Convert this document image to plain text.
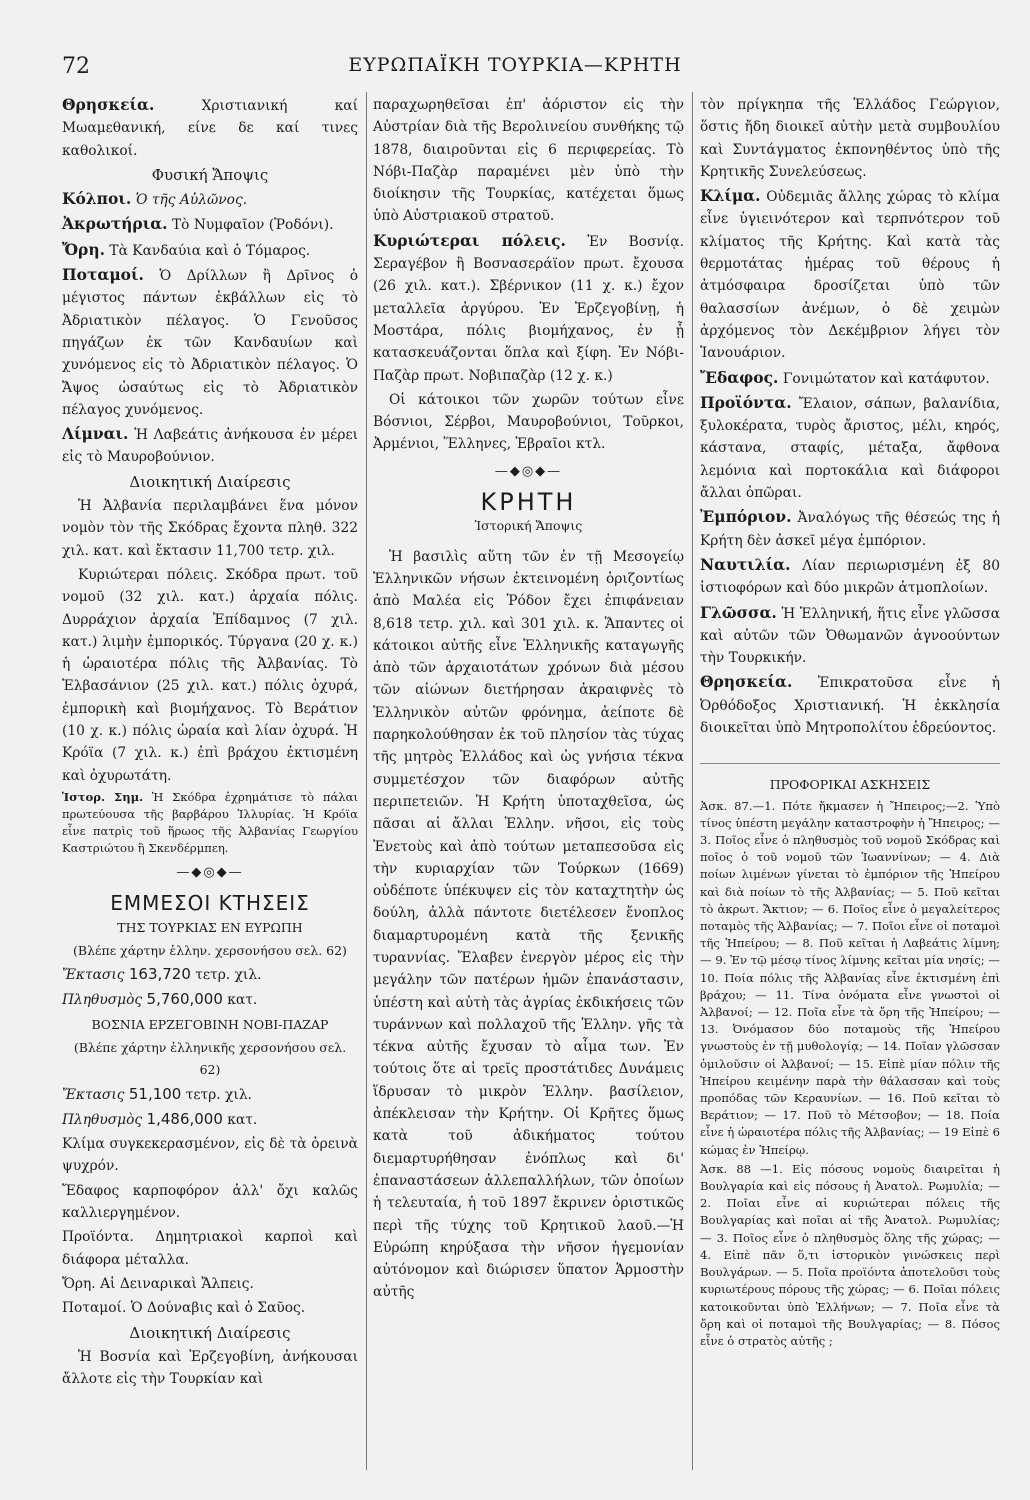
72	ΕΥΡΩΠΑΪΚΗ ΤΟΥΡΚΙΑ—ΚΡΗΤΗ

Θρησκεία.	Χριστιανική καί Μωαμεθανική, είνε δε καί τινες καθολικοί.

Φυσική Ἄποψις

Κόλποι. Ὁ τῆς Αὐλῶνος.

Ἀκρωτήρια. Τὸ Νυμφαῖον (Ῥοδόνι).

Ὄρη. Τὰ Κανδαύια καὶ ὁ Τόμαρος.

Ποταμοί. Ὁ Δρίλλων ἢ Δρῖνος ὁ μέγιστος πάντων ἐκβάλλων εἰς τὸ Ἀδριατικὸν πέλαγος. Ὁ Γενοῦσος πηγάζων ἐκ τῶν Κανδαυίων καὶ χυνόμενος εἰς τὸ Ἀδριατικὸν πέλαγος. Ὁ Ἄψος ὡσαύτως εἰς τὸ Ἀδριατικὸν πέλαγος χυνόμενος.

Λίμναι. Ἡ Λαβεάτις ἀνήκουσα ἐν μέρει εἰς τὸ Μαυροβούνιον.

Διοικητική Διαίρεσις

Ἡ Ἀλβανία περιλαμβάνει ἕνα μόνον νομὸν τὸν τῆς Σκόδρας ἔχοντα πληθ. 322 χιλ. κατ. καὶ ἔκτασιν 11,700 τετρ. χιλ.

Κυριώτεραι πόλεις. Σκόδρα πρωτ. τοῦ νομοῦ (32 χιλ. κατ.) ἀρχαία πόλις. Δυρράχιον ἀρχαία Ἐπίδαμνος (7 χιλ. κατ.) λιμὴν ἐμπορικός. Τύργανα (20 χ. κ.) ἡ ὡραιοτέρα πόλις τῆς Ἀλβανίας. Τὸ Ἐλβασάνιον (25 χιλ. κατ.) πόλις ὀχυρά, ἐμπορικὴ καὶ βιομήχανος. Τὸ Βεράτιον (10 χ. κ.) πόλις ὡραία καὶ λίαν ὀχυρά. Ἡ Κρόϊα (7 χιλ. κ.) ἐπὶ βράχου ἐκτισμένη καὶ ὀχυρωτάτη.

Ἱστορ. Σημ. Ἡ Σκόδρα ἐχρημάτισε τὸ πάλαι πρωτεύουσα τῆς βαρβάρου Ἰλλυρίας. Ἡ Κρόϊα εἶνε πατρὶς τοῦ ἥρωος τῆς Ἀλβανίας Γεωργίου Καστριώτου ἢ Σκενδέρμπεη.

—◆◎◆—
ΕΜΜΕΣΟΙ ΚΤΗΣΕΙΣ
ΤΗΣ ΤΟΥΡΚΙΑΣ ΕΝ ΕΥΡΩΠΗ
(Βλέπε χάρτην ἑλλην. χερσονήσου σελ. 62)

Ἔκτασις 163,720 τετρ. χιλ.

Πληθυσμὸς 5,760,000 κατ.

ΒΟΣΝΙΑ ΕΡΖΕΓΟΒΙΝΗ ΝΟΒΙ-ΠΑΖΑΡ
(Βλέπε χάρτην ἑλληνικῆς χερσονήσου σελ. 62)

Ἔκτασις 51,100 τετρ. χιλ.

Πληθυσμὸς 1,486,000 κατ.

Κλίμα συγκεκερασμένον, εἰς δὲ τὰ ὀρεινὰ ψυχρόν.

Ἔδαφος καρποφόρον ἀλλ' ὄχι καλῶς καλλιεργημένον.

Προϊόντα. Δημητριακοὶ καρποὶ καὶ διάφορα μέταλλα.

Ὄρη. Αἱ Δειναρικαὶ Ἄλπεις.

Ποταμοί. Ὁ Δούναβις καὶ ὁ Σαῦος.

Διοικητική Διαίρεσις

Ἡ Βοσνία καὶ Ἐρζεγοβίνη, ἀνήκουσαι ἄλλοτε εἰς τὴν Τουρκίαν καὶ

παραχωρηθεῖσαι ἐπ' ἀόριστον εἰς τὴν Αὐστρίαν διὰ τῆς Βερολινείου συνθήκης τῷ 1878, διαιροῦνται εἰς 6 περιφερείας. Τὸ Νόβι-Παζὰρ παραμένει μὲν ὑπὸ τὴν διοίκησιν τῆς Τουρκίας, κατέχεται ὅμως ὑπὸ Αὐστριακοῦ στρατοῦ.

Κυριώτεραι πόλεις. Ἐν Βοσνίᾳ. Σεραγέβον ἢ Βοσνασεράϊον πρωτ. ἔχουσα (26 χιλ. κατ.). Σβέρνικον (11 χ. κ.) ἔχον μεταλλεῖα ἀργύρου. Ἐν Ἐρζεγοβίνῃ, ἡ Μοστάρα, πόλις βιομήχανος, ἐν ᾗ κατασκευάζονται ὅπλα καὶ ξίφη. Ἐν Νόβι-Παζὰρ πρωτ. Νοβιπαζὰρ (12 χ. κ.)

Οἱ κάτοικοι τῶν χωρῶν τούτων εἶνε Βόσνιοι, Σέρβοι, Μαυροβούνιοι, Τοῦρκοι, Ἀρμένιοι, Ἕλληνες, Ἑβραῖοι κτλ.

—◆◎◆—
ΚΡΗΤΗ
Ἱστορική Ἄποψις

Ἡ βασιλὶς αὕτη τῶν ἐν τῇ Μεσογείῳ Ἑλληνικῶν νήσων ἐκτεινομένη ὁριζοντίως ἀπὸ Μαλέα εἰς Ῥόδον ἔχει ἐπιφάνειαν 8,618 τετρ. χιλ. καὶ 301 χιλ. κ. Ἅπαντες οἱ κάτοικοι αὐτῆς εἶνε Ἑλληνικῆς καταγωγῆς ἀπὸ τῶν ἀρχαιοτάτων χρόνων διὰ μέσου τῶν αἰώνων διετήρησαν ἀκραιφνὲς τὸ Ἑλληνικὸν αὐτῶν φρόνημα, ἀείποτε δὲ παρηκολούθησαν ἐκ τοῦ πλησίον τὰς τύχας τῆς μητρὸς Ἑλλάδος καὶ ὡς γνήσια τέκνα συμμετέσχον τῶν διαφόρων αὐτῆς περιπετειῶν. Ἡ Κρήτη ὑποταχθεῖσα, ὡς πᾶσαι αἱ ἄλλαι Ἑλλην. νῆσοι, εἰς τοὺς Ἐνετοὺς καὶ ἀπὸ τούτων μεταπεσοῦσα εἰς τὴν κυριαρχίαν τῶν Τούρκων (1669) οὐδέποτε ὑπέκυψεν εἰς τὸν καταχτητὴν ὡς δούλη, ἀλλὰ πάντοτε διετέλεσεν ἔνοπλος διαμαρτυρομένη κατὰ τῆς ξενικῆς τυραννίας. Ἔλαβεν ἐνεργὸν μέρος εἰς τὴν μεγάλην τῶν πατέρων ἡμῶν ἐπανάστασιν, ὑπέστη καὶ αὐτὴ τὰς ἀγρίας ἐκδικήσεις τῶν τυράννων καὶ πολλαχοῦ τῆς Ἑλλην. γῆς τὰ τέκνα αὐτῆς ἔχυσαν τὸ αἷμα των. Ἐν τούτοις ὅτε αἱ τρεῖς προστάτιδες Δυνάμεις ἵδρυσαν τὸ μικρὸν Ἑλλην. βασίλειον, ἀπέκλεισαν τὴν Κρήτην. Οἱ Κρῆτες ὅμως κατὰ τοῦ ἀδικήματος τούτου διεμαρτυρήθησαν ἐνόπλως καὶ δι' ἐπαναστάσεων ἀλλεπαλλήλων, τῶν ὁποίων ἡ τελευταία, ἡ τοῦ 1897 ἔκρινεν ὁριστικῶς περὶ τῆς τύχης τοῦ Κρητικοῦ λαοῦ.—Ἡ Εὐρώπη κηρύξασα τὴν νῆσον ἡγεμονίαν αὐτόνομον καὶ διώρισεν ὕπατον Ἁρμοστὴν αὐτῆς

τὸν πρίγκηπα τῆς Ἑλλάδος Γεώργιον, ὅστις ἤδη διοικεῖ αὐτὴν μετὰ συμβουλίου καὶ Συντάγματος ἐκπονηθέντος ὑπὸ τῆς Κρητικῆς Συνελεύσεως.

Κλίμα. Οὐδεμιᾶς ἄλλης χώρας τὸ κλίμα εἶνε ὑγιεινότερον καὶ τερπνότερον τοῦ κλίματος τῆς Κρήτης. Καὶ κατὰ τὰς θερμοτάτας ἡμέρας τοῦ θέρους ἡ ἀτμόσφαιρα δροσίζεται ὑπὸ τῶν θαλασσίων ἀνέμων, ὁ δὲ χειμὼν ἀρχόμενος τὸν Δεκέμβριον λήγει τὸν Ἰανουάριον.

Ἔδαφος. Γονιμώτατον καὶ κατάφυτον.

Προϊόντα. Ἔλαιον, σάπων, βαλανίδια, ξυλοκέρατα, τυρὸς ἄριστος, μέλι, κηρός, κάστανα, σταφίς, μέταξα, ἄφθονα λεμόνια καὶ πορτοκάλια καὶ διάφοροι ἄλλαι ὀπῶραι.

Ἐμπόριον. Ἀναλόγως τῆς θέσεώς της ἡ Κρήτη δὲν ἀσκεῖ μέγα ἐμπόριον.

Ναυτιλία. Λίαν περιωρισμένη ἐξ 80 ἱστιοφόρων καὶ δύο μικρῶν ἀτμοπλοίων.

Γλῶσσα. Ἡ Ἑλληνική, ἥτις εἶνε γλῶσσα καὶ αὐτῶν τῶν Ὀθωμανῶν ἀγνοούντων τὴν Τουρκικήν.

Θρησκεία. Ἐπικρατοῦσα εἶνε ἡ Ὀρθόδοξος Χριστιανική. Ἡ ἐκκλησία διοικεῖται ὑπὸ Μητροπολίτου ἑδρεύοντος.

ΠΡΟΦΟΡΙΚΑΙ ΑΣΚΗΣΕΙΣ

Ἀσκ. 87.—1. Πότε ἤκμασεν ἡ Ἤπειρος;—2. Ὑπὸ τίνος ὑπέστη μεγάλην καταστροφὴν ἡ Ἤπειρος; — 3. Ποῖος εἶνε ὁ πληθυσμὸς τοῦ νομοῦ Σκόδρας καὶ ποῖος ὁ τοῦ νομοῦ τῶν Ἰωαννίνων; — 4. Διὰ ποίων λιμένων γίνεται τὸ ἐμπόριον τῆς Ἠπείρου καὶ διὰ ποίων τὸ τῆς Ἀλβανίας; — 5. Ποῦ κεῖται τὸ ἀκρωτ. Ἄκτιον; — 6. Ποῖος εἶνε ὁ μεγαλείτερος ποταμὸς τῆς Ἀλβανίας; — 7. Ποῖοι εἶνε οἱ ποταμοὶ τῆς Ἠπείρου; — 8. Ποῦ κεῖται ἡ Λαβεάτις λίμνη; — 9. Ἐν τῷ μέσῳ τίνος λίμνης κεῖται μία νησίς; — 10. Ποία πόλις τῆς Ἀλβανίας εἶνε ἐκτισμένη ἐπὶ βράχου; — 11. Τίνα ὀνόματα εἶνε γνωστοὶ οἱ Ἀλβανοί; — 12. Ποῖα εἶνε τὰ ὄρη τῆς Ἠπείρου; — 13. Ὀνόμασον δύο ποταμοὺς τῆς Ἠπείρου γνωστοὺς ἐν τῇ μυθολογίᾳ; — 14. Ποῖαν γλῶσσαν ὁμιλοῦσιν οἱ Ἀλβανοί; — 15. Εἰπὲ μίαν πόλιν τῆς Ἠπείρου κειμένην παρὰ τὴν θάλασσαν καὶ τοὺς προπόδας τῶν Κεραυνίων. — 16. Ποῦ κεῖται τὸ Βεράτιον; — 17. Ποῦ τὸ Μέτσοβον; — 18. Ποία εἶνε ἡ ὡραιοτέρα πόλις τῆς Ἀλβανίας; — 19 Εἰπὲ 6 κώμας ἐν Ἠπείρῳ.

Ἀσκ. 88 —1. Εἰς πόσους νομοὺς διαιρεῖται ἡ Βουλγαρία καὶ εἰς πόσους ἡ Ἀνατολ. Ρωμυλία; —2. Ποῖαι εἶνε αἱ κυριώτεραι πόλεις τῆς Βουλγαρίας καὶ ποῖαι αἱ τῆς Ἀνατολ. Ρωμυλίας; — 3. Ποῖος εἶνε ὁ πληθυσμὸς ὅλης τῆς χώρας; — 4. Εἰπὲ πᾶν ὅ,τι ἱστορικὸν γινώσκεις περὶ Βουλγάρων. — 5. Ποῖα προϊόντα ἀποτελοῦσι τοὺς κυριωτέρους πόρους τῆς χώρας; — 6. Ποῖαι πόλεις κατοικοῦνται ὑπὸ Ἑλλήνων; — 7. Ποῖα εἶνε τὰ ὄρη καὶ οἱ ποταμοὶ τῆς Βουλγαρίας; — 8. Πόσος εἶνε ὁ στρατὸς αὐτῆς ;
